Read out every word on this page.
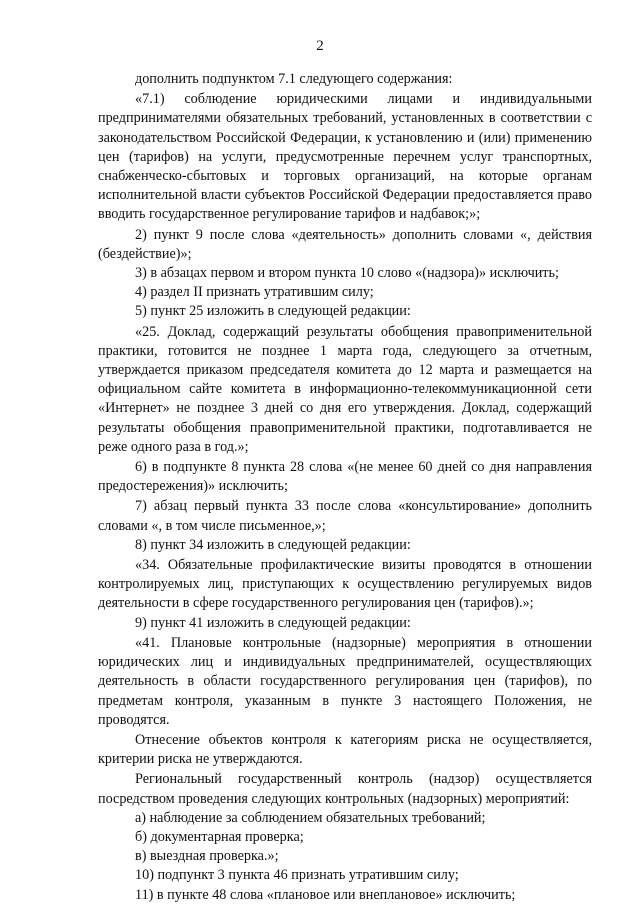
2

дополнить подпунктом 7.1 следующего содержания:

«7.1) соблюдение юридическими лицами и индивидуальными предпринимателями обязательных требований, установленных в соответствии с законодательством Российской Федерации, к установлению и (или) применению цен (тарифов) на услуги, предусмотренные перечнем услуг транспортных, снабженческо-сбытовых и торговых организаций, на которые органам исполнительной власти субъектов Российской Федерации предоставляется право вводить государственное регулирование тарифов и надбавок;»;

2) пункт 9 после слова «деятельность» дополнить словами «, действия (бездействие)»;

3) в абзацах первом и втором пункта 10 слово «(надзора)» исключить;

4) раздел II признать утратившим силу;

5) пункт 25 изложить в следующей редакции:

«25. Доклад, содержащий результаты обобщения правоприменительной практики, готовится не позднее 1 марта года, следующего за отчетным, утверждается приказом председателя комитета до 12 марта и размещается на официальном сайте комитета в информационно-телекоммуникационной сети «Интернет» не позднее 3 дней со дня его утверждения. Доклад, содержащий результаты обобщения правоприменительной практики, подготавливается не реже одного раза в год.»;

6) в подпункте 8 пункта 28 слова «(не менее 60 дней со дня направления предостережения)» исключить;

7) абзац первый пункта 33 после слова «консультирование» дополнить словами «, в том числе письменное,»;

8) пункт 34 изложить в следующей редакции:

«34. Обязательные профилактические визиты проводятся в отношении контролируемых лиц, приступающих к осуществлению регулируемых видов деятельности в сфере государственного регулирования цен (тарифов).»;

9) пункт 41 изложить в следующей редакции:

«41. Плановые контрольные (надзорные) мероприятия в отношении юридических лиц и индивидуальных предпринимателей, осуществляющих деятельность в области государственного регулирования цен (тарифов), по предметам контроля, указанным в пункте 3 настоящего Положения, не проводятся.

Отнесение объектов контроля к категориям риска не осуществляется, критерии риска не утверждаются.

Региональный государственный контроль (надзор) осуществляется посредством проведения следующих контрольных (надзорных) мероприятий:

а) наблюдение за соблюдением обязательных требований;

б) документарная проверка;

в) выездная проверка.»;

10) подпункт 3 пункта 46 признать утратившим силу;

11) в пункте 48 слова «плановое или внеплановое» исключить;
